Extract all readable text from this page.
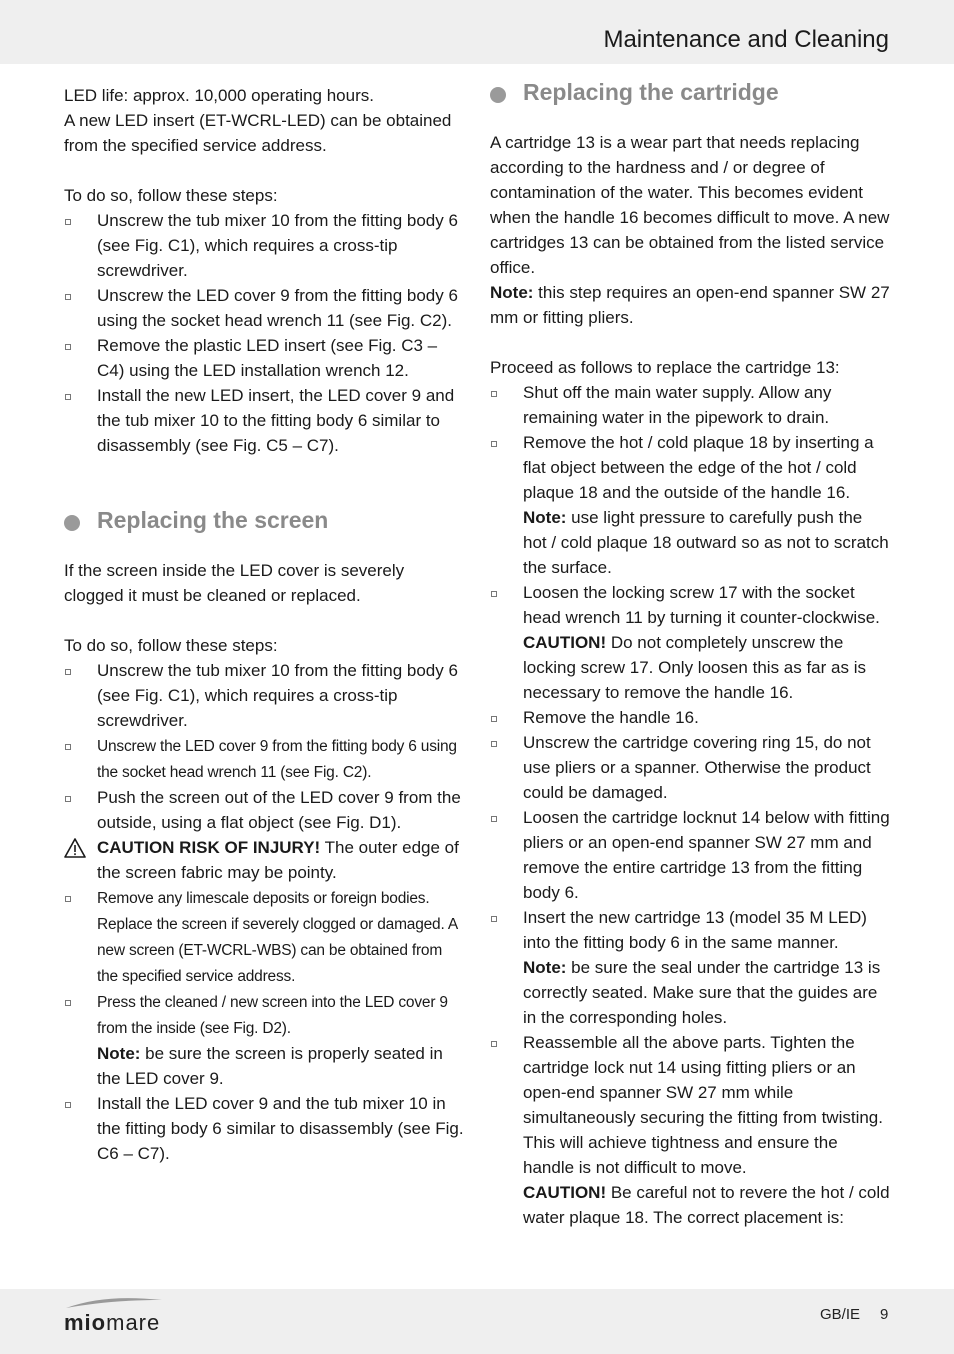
Maintenance and Cleaning

LED life: approx. 10,000 operating hours.

A new LED insert (ET-WCRL-LED) can be obtained from the specified service address.

To do so, follow these steps:

Unscrew the tub mixer 10 from the fitting body 6 (see Fig. C1), which requires a cross-tip screwdriver.
Unscrew the LED cover 9 from the fitting body 6 using the socket head wrench 11 (see Fig. C2).
Remove the plastic LED insert (see Fig. C3 – C4) using the LED installation wrench 12.
Install the new LED insert, the LED cover 9 and the tub mixer 10 to the fitting body 6 similar to disassembly (see Fig. C5 – C7).
Replacing the screen

If the screen inside the LED cover is severely clogged it must be cleaned or replaced.

To do so, follow these steps:

Unscrew the tub mixer 10 from the fitting body 6 (see Fig. C1), which requires a cross-tip screwdriver.
Unscrew the LED cover 9 from the fitting body 6 using the socket head wrench 11 (see Fig. C2).
Push the screen out of the LED cover 9 from the outside, using a flat object (see Fig. D1).
CAUTION RISK OF INJURY! The outer edge of the screen fabric may be pointy.
Remove any limescale deposits or foreign bodies. Replace the screen if severely clogged or damaged. A new screen (ET-WCRL-WBS) can be obtained from the specified service address.
Press the cleaned / new screen into the LED cover 9 from the inside (see Fig. D2).
Note: be sure the screen is properly seated in the LED cover 9.
Install the LED cover 9 and the tub mixer 10 in the fitting body 6 similar to disassembly (see Fig. C6 – C7).
Replacing the cartridge

A cartridge 13 is a wear part that needs replacing according to the hardness and / or degree of contamination of the water. This becomes evident when the handle 16 becomes difficult to move. A new cartridges 13 can be obtained from the listed service office.
Note: this step requires an open-end spanner SW 27 mm or fitting pliers.

Proceed as follows to replace the cartridge 13:

Shut off the main water supply. Allow any remaining water in the pipework to drain.
Remove the hot / cold plaque 18 by inserting a flat object between the edge of the hot / cold plaque 18 and the outside of the handle 16.
Note: use light pressure to carefully push the hot / cold plaque 18 outward so as not to scratch the surface.
Loosen the locking screw 17 with the socket head wrench 11 by turning it counter-clockwise.
CAUTION! Do not completely unscrew the locking screw 17. Only loosen this as far as is necessary to remove the handle 16.
Remove the handle 16.
Unscrew the cartridge covering ring 15, do not use pliers or a spanner. Otherwise the product could be damaged.
Loosen the cartridge locknut 14 below with fitting pliers or an open-end spanner SW 27 mm and remove the entire cartridge 13 from the fitting body 6.
Insert the new cartridge 13 (model 35 M LED) into the fitting body 6 in the same manner.
Note: be sure the seal under the cartridge 13 is correctly seated. Make sure that the guides are in the corresponding holes.
Reassemble all the above parts. Tighten the cartridge lock nut 14 using fitting pliers or an open-end spanner SW 27 mm while simultaneously securing the fitting from twisting. This will achieve tightness and ensure the handle is not difficult to move.
CAUTION! Be careful not to revere the hot / cold water plaque 18. The correct placement is:
miomare	GB/IE 9
